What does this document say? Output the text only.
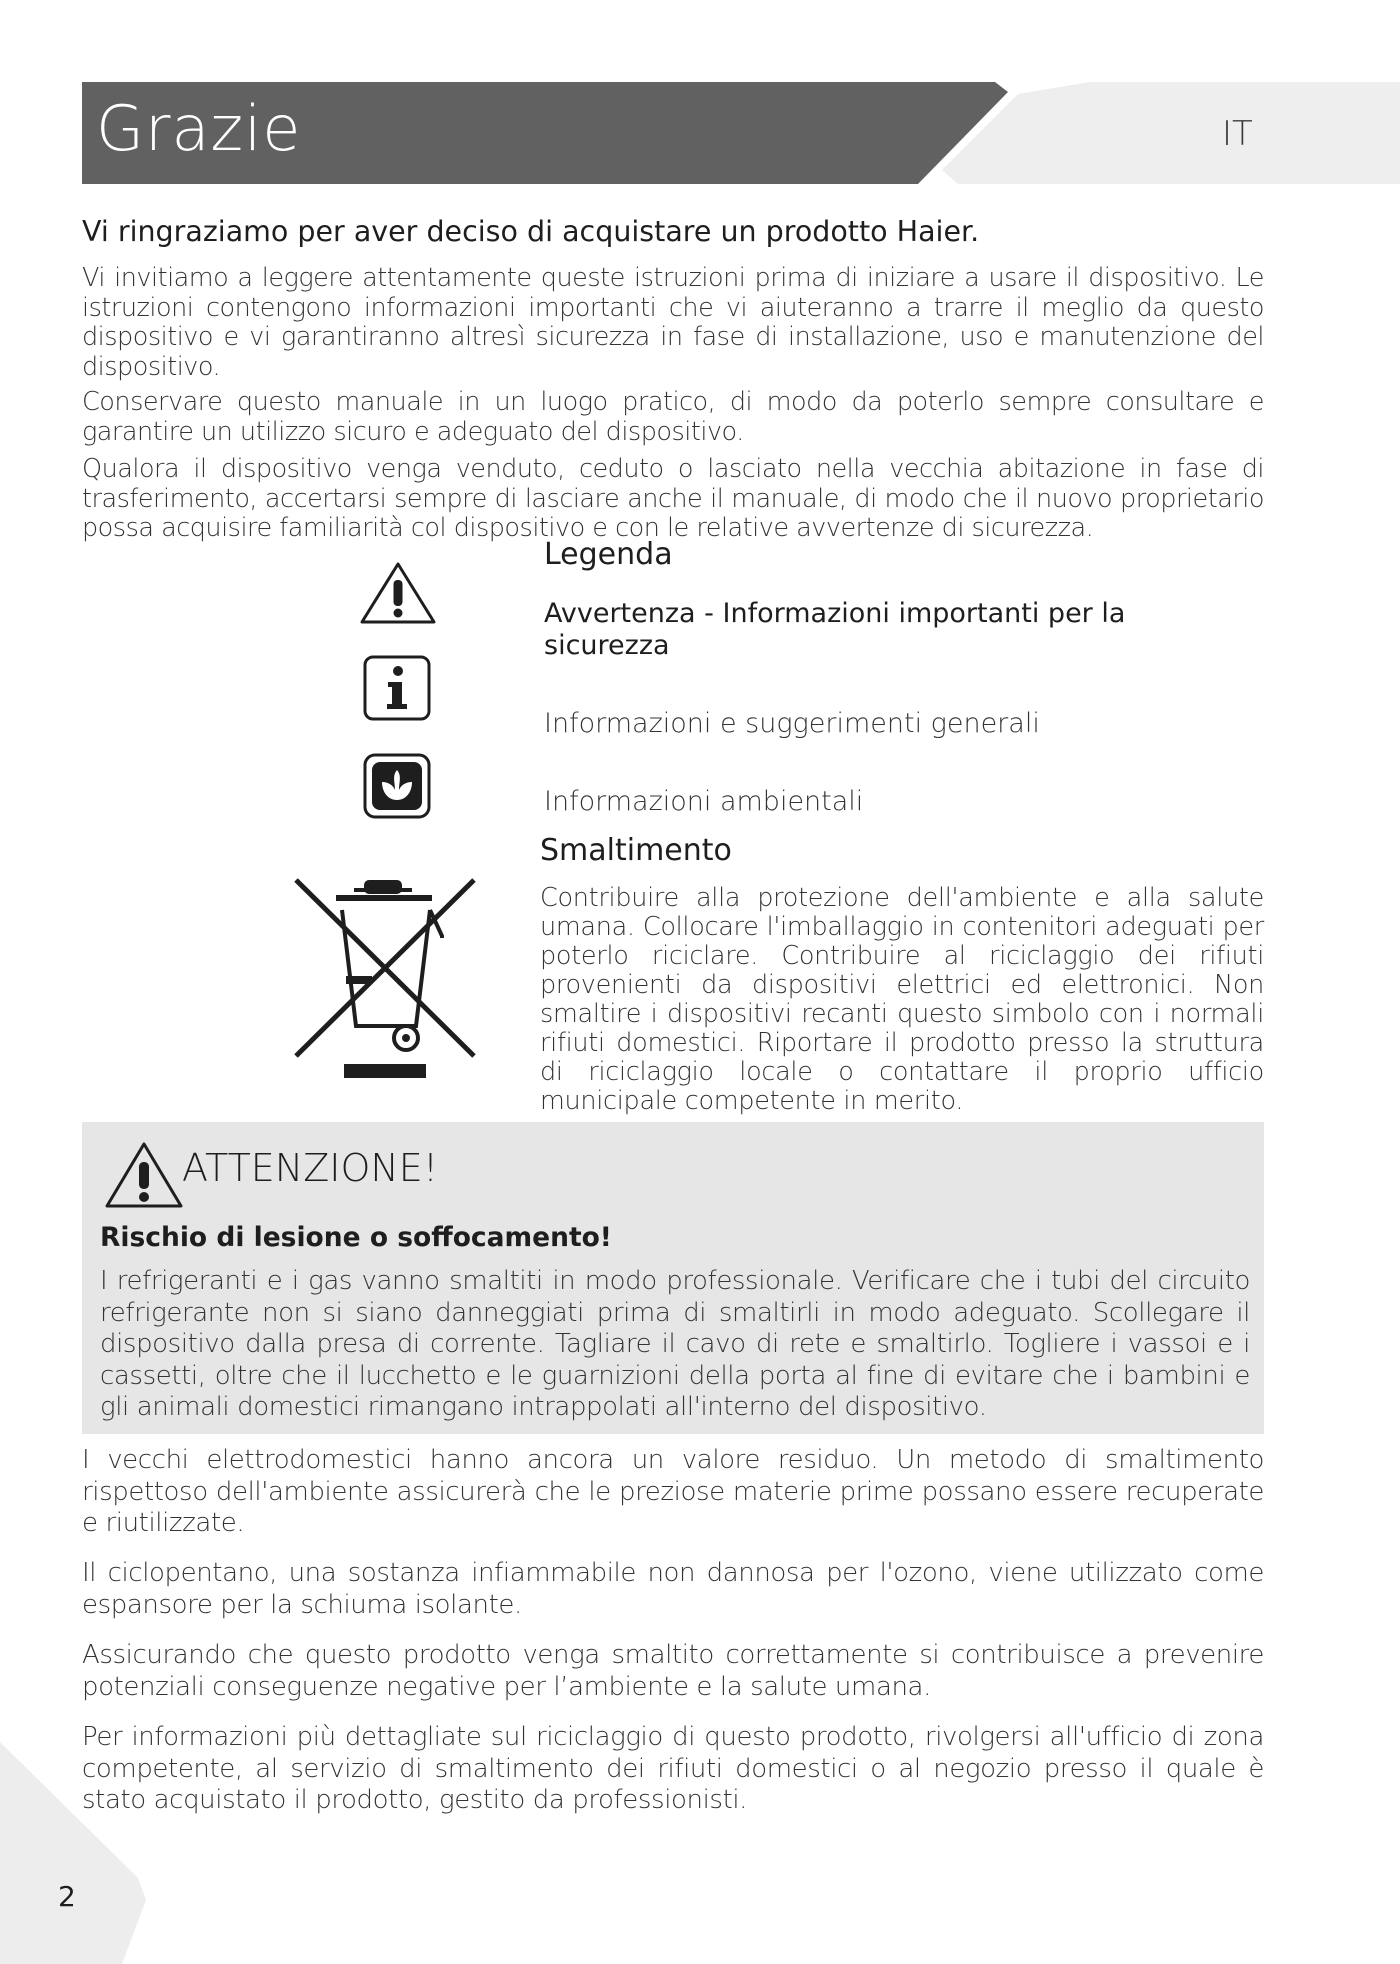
Grazie	IT

Vi ringraziamo per aver deciso di acquistare un prodotto Haier.

Vi invitiamo a leggere attentamente queste istruzioni prima di iniziare a usare il dispositivo. Le istruzioni contengono informazioni importanti che vi aiuteranno a trarre il meglio da questo dispositivo e vi garantiranno altresì sicurezza in fase di installazione, uso e manutenzione del dispositivo.

Conservare questo manuale in un luogo pratico, di modo da poterlo sempre consultare e garantire un utilizzo sicuro e adeguato del dispositivo.

Qualora il dispositivo venga venduto, ceduto o lasciato nella vecchia abitazione in fase di trasferimento, accertarsi sempre di lasciare anche il manuale, di modo che il nuovo proprietario possa acquisire familiarità col dispositivo e con le relative avvertenze di sicurezza.

Legenda

Avvertenza - Informazioni importanti per la sicurezza

Informazioni e suggerimenti generali

Informazioni ambientali

Smaltimento

Contribuire alla protezione dell'ambiente e alla salute umana. Collocare l'imballaggio in contenitori adeguati per poterlo riciclare. Contribuire al riciclaggio dei rifiuti provenienti da dispositivi elettrici ed elettronici. Non smaltire i dispositivi recanti questo simbolo con i normali rifiuti domestici. Riportare il prodotto presso la struttura di riciclaggio locale o contattare il proprio ufficio municipale competente in merito.

ATTENZIONE!

Rischio di lesione o soffocamento!

I refrigeranti e i gas vanno smaltiti in modo professionale. Verificare che i tubi del circuito refrigerante non si siano danneggiati prima di smaltirli in modo adeguato. Scollegare il dispositivo dalla presa di corrente. Tagliare il cavo di rete e smaltirlo. Togliere i vassoi e i cassetti, oltre che il lucchetto e le guarnizioni della porta al fine di evitare che i bambini e gli animali domestici rimangano intrappolati all'interno del dispositivo.

I vecchi elettrodomestici hanno ancora un valore residuo. Un metodo di smaltimento rispettoso dell'ambiente assicurerà che le preziose materie prime possano essere recuperate e riutilizzate.

Il ciclopentano, una sostanza infiammabile non dannosa per l'ozono, viene utilizzato come espansore per la schiuma isolante.

Assicurando che questo prodotto venga smaltito correttamente si contribuisce a prevenire potenziali conseguenze negative per l’ambiente e la salute umana.

Per informazioni più dettagliate sul riciclaggio di questo prodotto, rivolgersi all'ufficio di zona competente, al servizio di smaltimento dei rifiuti domestici o al negozio presso il quale è stato acquistato il prodotto, gestito da professionisti.

2
